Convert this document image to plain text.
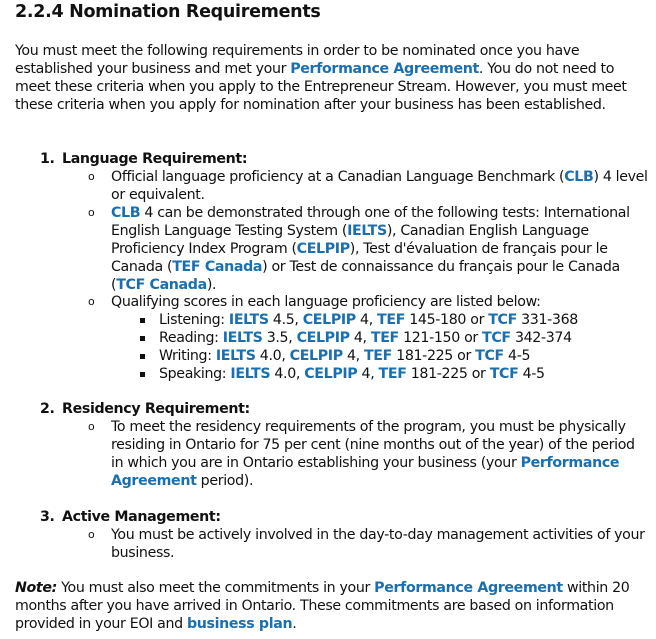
2.2.4 Nomination Requirements
You must meet the following requirements in order to be nominated once you have established your business and met your Performance Agreement. You do not need to meet these criteria when you apply to the Entrepreneur Stream. However, you must meet these criteria when you apply for nomination after your business has been established.
1. Language Requirement:
o Official language proficiency at a Canadian Language Benchmark (CLB) 4 level or equivalent.
o CLB 4 can be demonstrated through one of the following tests: International English Language Testing System (IELTS), Canadian English Language Proficiency Index Program (CELPIP), Test d'évaluation de français pour le Canada (TEF Canada) or Test de connaissance du français pour le Canada (TCF Canada).
o Qualifying scores in each language proficiency are listed below:
Listening: IELTS 4.5, CELPIP 4, TEF 145-180 or TCF 331-368
Reading: IELTS 3.5, CELPIP 4, TEF 121-150 or TCF 342-374
Writing: IELTS 4.0, CELPIP 4, TEF 181-225 or TCF 4-5
Speaking: IELTS 4.0, CELPIP 4, TEF 181-225 or TCF 4-5
2. Residency Requirement:
o To meet the residency requirements of the program, you must be physically residing in Ontario for 75 per cent (nine months out of the year) of the period in which you are in Ontario establishing your business (your Performance Agreement period).
3. Active Management:
o You must be actively involved in the day-to-day management activities of your business.
Note: You must also meet the commitments in your Performance Agreement within 20 months after you have arrived in Ontario. These commitments are based on information provided in your EOI and business plan.
